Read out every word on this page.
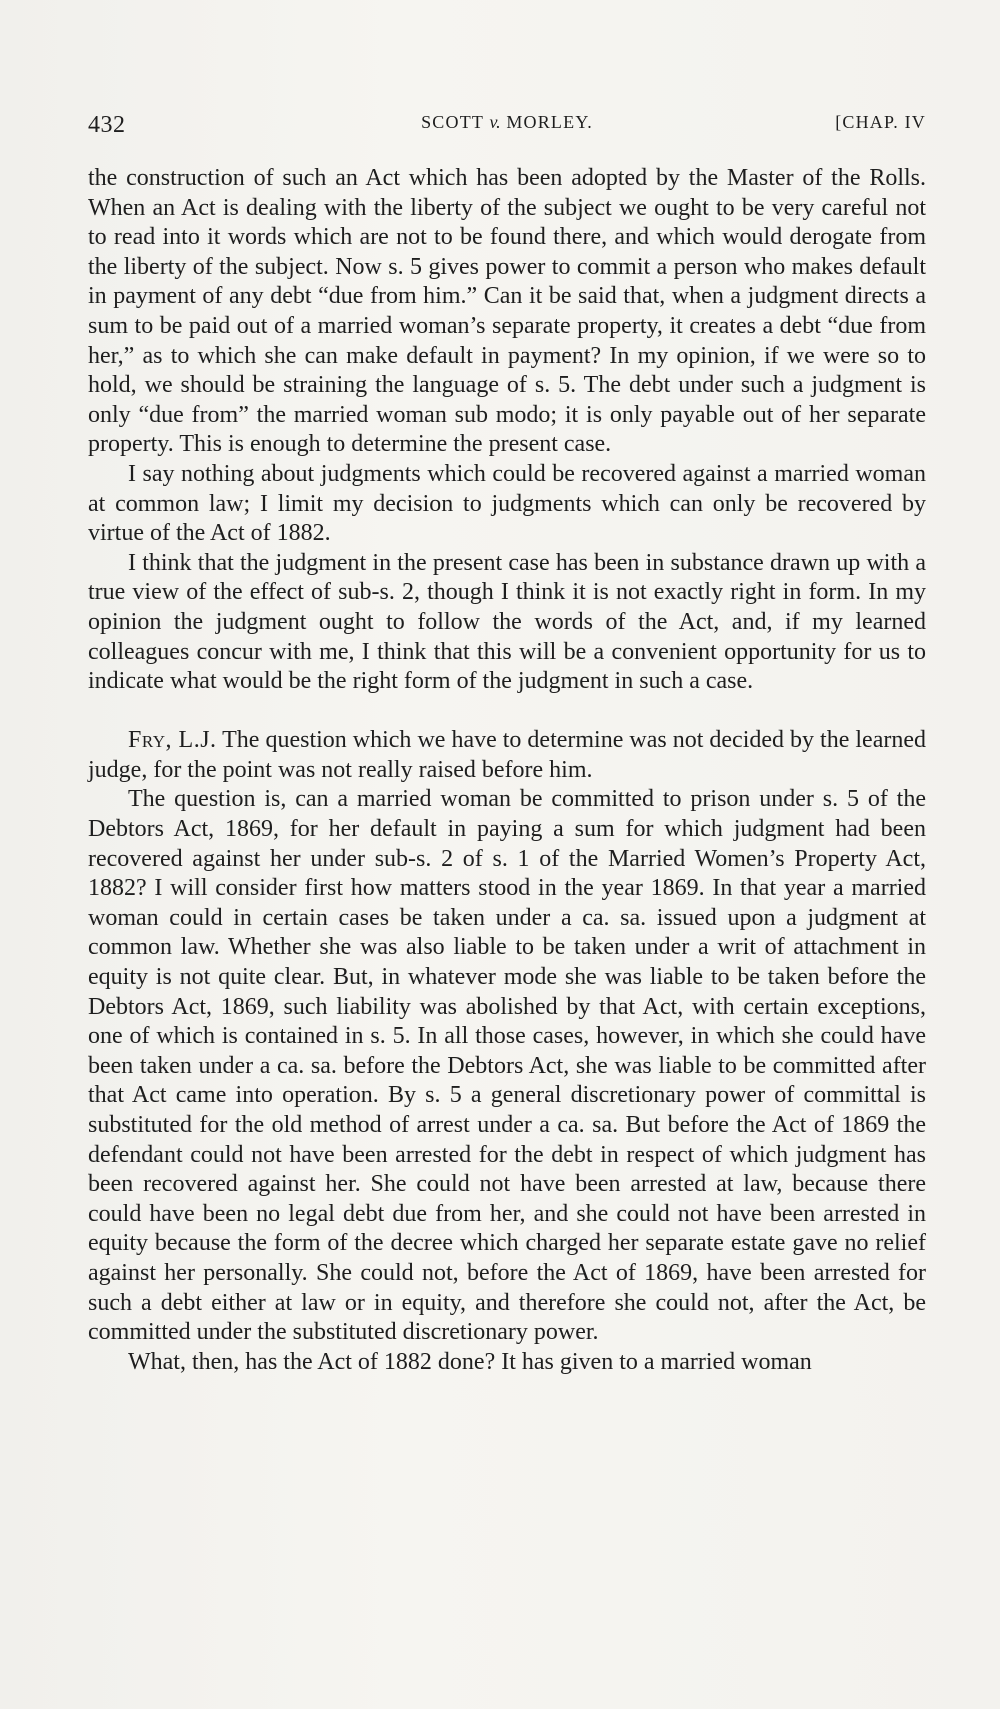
432	SCOTT v. MORLEY.	[CHAP. IV

the construction of such an Act which has been adopted by the Master of the Rolls. When an Act is dealing with the liberty of the subject we ought to be very careful not to read into it words which are not to be found there, and which would derogate from the liberty of the subject. Now s. 5 gives power to commit a person who makes default in payment of any debt “due from him.” Can it be said that, when a judgment directs a sum to be paid out of a married woman’s separate property, it creates a debt “due from her,” as to which she can make default in payment? In my opinion, if we were so to hold, we should be straining the language of s. 5. The debt under such a judgment is only “due from” the married woman sub modo; it is only payable out of her separate property. This is enough to determine the present case.

I say nothing about judgments which could be recovered against a married woman at common law; I limit my decision to judgments which can only be recovered by virtue of the Act of 1882.

I think that the judgment in the present case has been in substance drawn up with a true view of the effect of sub-s. 2, though I think it is not exactly right in form. In my opinion the judgment ought to follow the words of the Act, and, if my learned colleagues concur with me, I think that this will be a convenient opportunity for us to indicate what would be the right form of the judgment in such a case.

Fry, L.J. The question which we have to determine was not decided by the learned judge, for the point was not really raised before him.

The question is, can a married woman be committed to prison under s. 5 of the Debtors Act, 1869, for her default in paying a sum for which judgment had been recovered against her under sub-s. 2 of s. 1 of the Married Women’s Property Act, 1882? I will consider first how matters stood in the year 1869. In that year a married woman could in certain cases be taken under a ca. sa. issued upon a judgment at common law. Whether she was also liable to be taken under a writ of attachment in equity is not quite clear. But, in whatever mode she was liable to be taken before the Debtors Act, 1869, such liability was abolished by that Act, with certain exceptions, one of which is contained in s. 5. In all those cases, however, in which she could have been taken under a ca. sa. before the Debtors Act, she was liable to be committed after that Act came into operation. By s. 5 a general discretionary power of committal is substituted for the old method of arrest under a ca. sa. But before the Act of 1869 the defendant could not have been arrested for the debt in respect of which judgment has been recovered against her. She could not have been arrested at law, because there could have been no legal debt due from her, and she could not have been arrested in equity because the form of the decree which charged her separate estate gave no relief against her personally. She could not, before the Act of 1869, have been arrested for such a debt either at law or in equity, and therefore she could not, after the Act, be committed under the substituted discretionary power.

What, then, has the Act of 1882 done? It has given to a married woman
